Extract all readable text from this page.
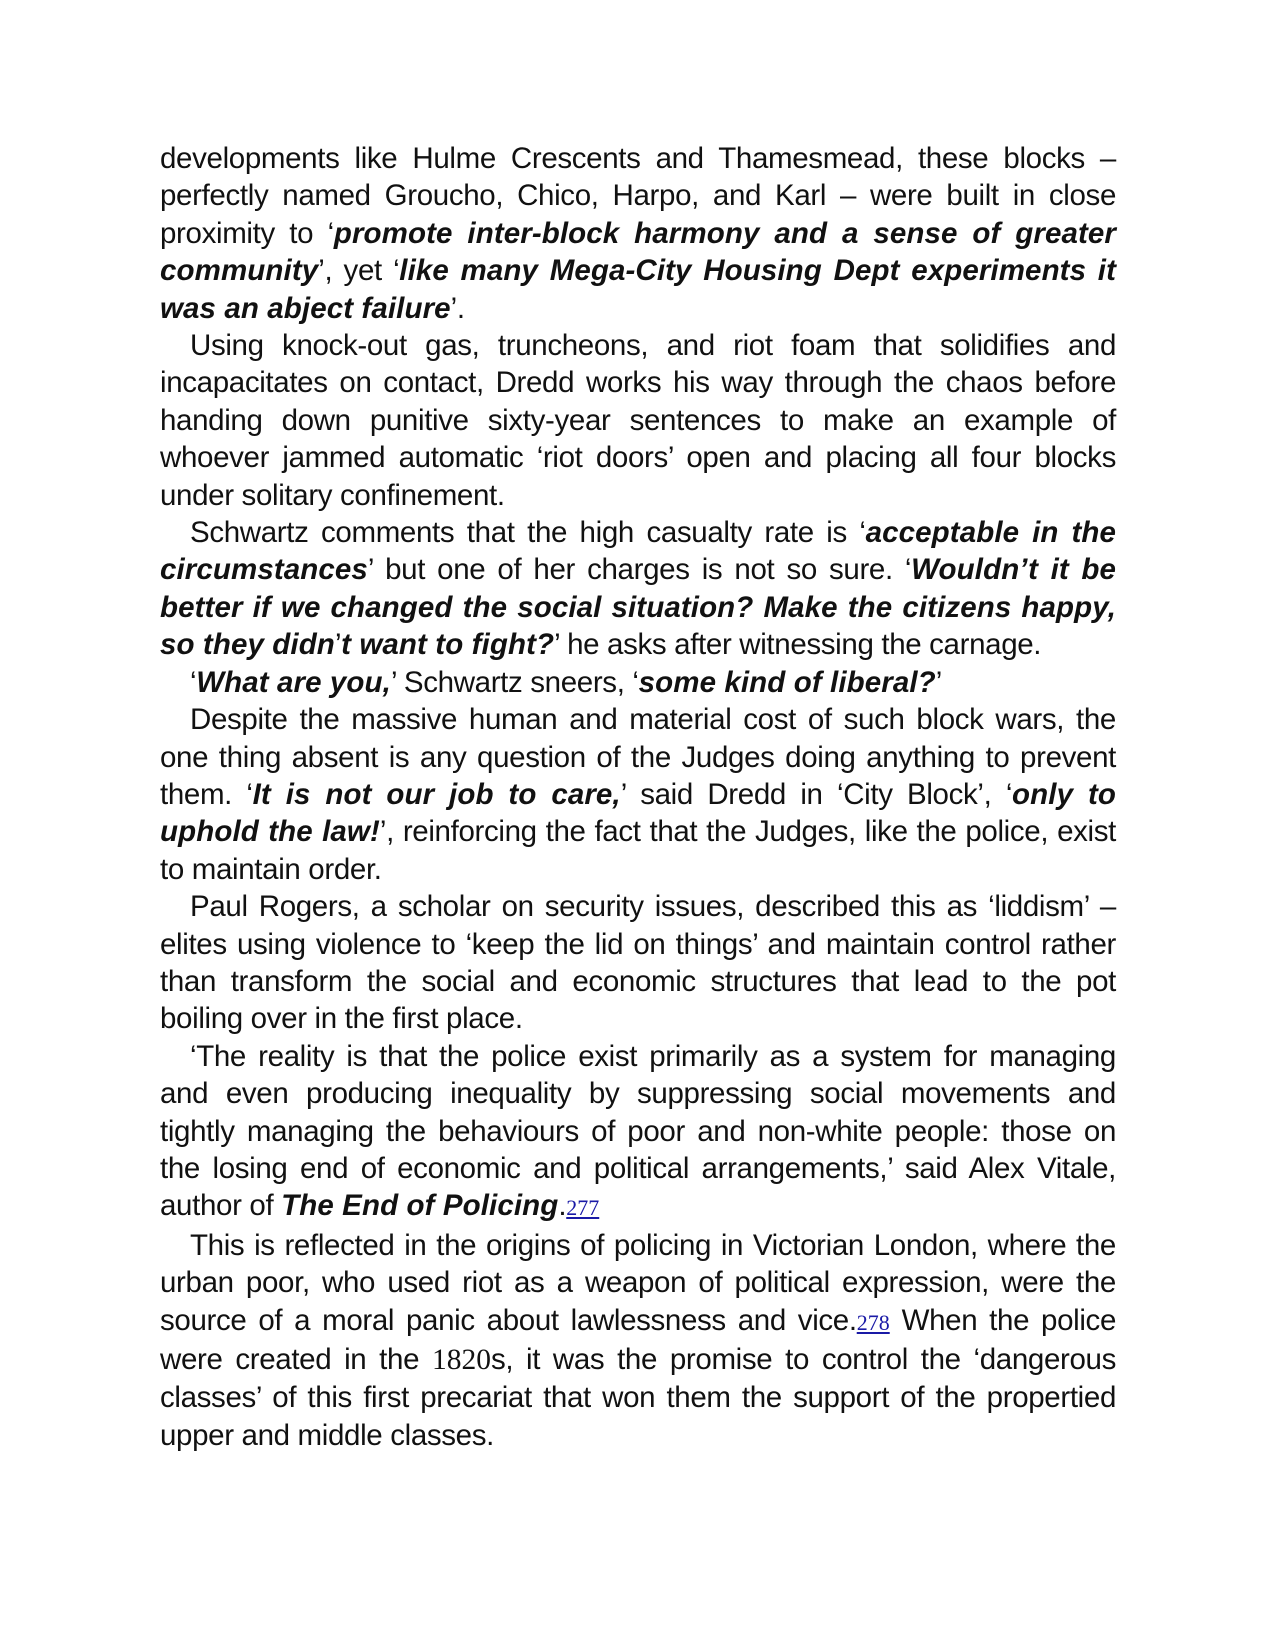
developments like Hulme Crescents and Thamesmead, these blocks – perfectly named Groucho, Chico, Harpo, and Karl – were built in close proximity to ‘promote inter-block harmony and a sense of greater community’, yet ‘like many Mega-City Housing Dept experiments it was an abject failure’.

Using knock-out gas, truncheons, and riot foam that solidifies and incapacitates on contact, Dredd works his way through the chaos before handing down punitive sixty-year sentences to make an example of whoever jammed automatic ‘riot doors’ open and placing all four blocks under solitary confinement.

Schwartz comments that the high casualty rate is ‘acceptable in the circumstances’ but one of her charges is not so sure. ‘Wouldn’t it be better if we changed the social situation? Make the citizens happy, so they didn’t want to fight?’ he asks after witnessing the carnage.

‘What are you,’ Schwartz sneers, ‘some kind of liberal?’

Despite the massive human and material cost of such block wars, the one thing absent is any question of the Judges doing anything to prevent them. ‘It is not our job to care,’ said Dredd in ‘City Block’, ‘only to uphold the law!’, reinforcing the fact that the Judges, like the police, exist to maintain order.

Paul Rogers, a scholar on security issues, described this as ‘liddism’ – elites using violence to ‘keep the lid on things’ and maintain control rather than transform the social and economic structures that lead to the pot boiling over in the first place.

‘The reality is that the police exist primarily as a system for managing and even producing inequality by suppressing social movements and tightly managing the behaviours of poor and non-white people: those on the losing end of economic and political arrangements,’ said Alex Vitale, author of The End of Policing.277

This is reflected in the origins of policing in Victorian London, where the urban poor, who used riot as a weapon of political expression, were the source of a moral panic about lawlessness and vice.278 When the police were created in the 1820s, it was the promise to control the ‘dangerous classes’ of this first precariat that won them the support of the propertied upper and middle classes.
